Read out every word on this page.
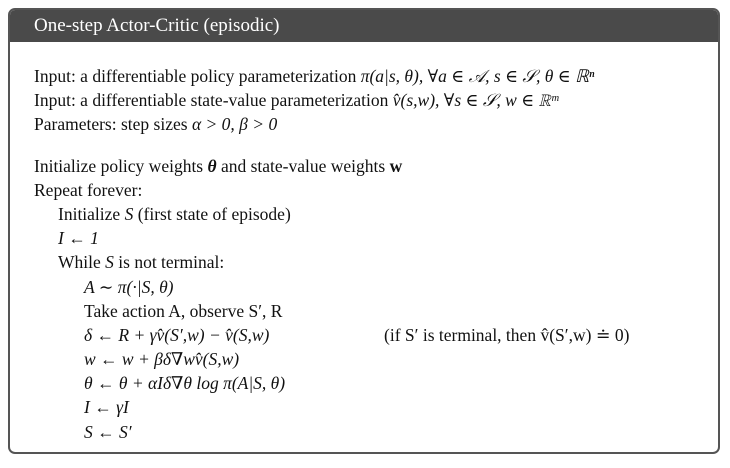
One-step Actor-Critic (episodic)
Input: a differentiable policy parameterization π(a|s, θ), ∀a ∈ 𝒜, s ∈ 𝒮, θ ∈ ℝⁿ
Input: a differentiable state-value parameterization v̂(s,w), ∀s ∈ 𝒮, w ∈ ℝᵐ
Parameters: step sizes α > 0, β > 0
Initialize policy weights θ and state-value weights w
Repeat forever:
Initialize S (first state of episode)
I ← 1
While S is not terminal:
A ∼ π(·|S, θ)
Take action A, observe S′, R
δ ← R + γv̂(S′,w) − v̂(S,w)	(if S′ is terminal, then v̂(S′,w) ≐ 0)
w ← w + βδ∇wv̂(S,w)
θ ← θ + αIδ∇θ log π(A|S, θ)
I ← γI
S ← S′
